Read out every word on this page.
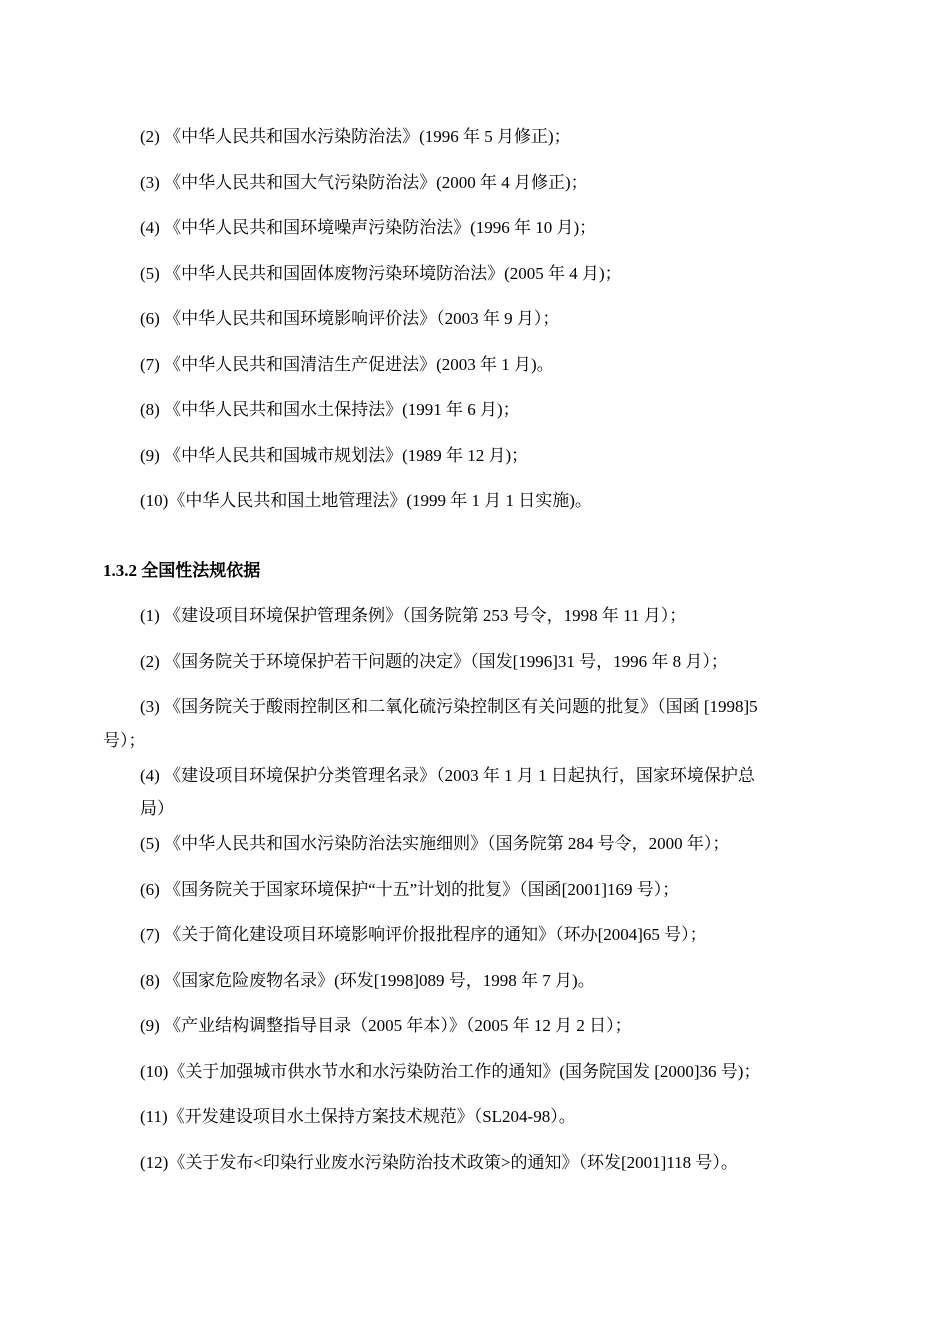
(2) 《中华人民共和国水污染防治法》(1996 年 5 月修正)；
(3) 《中华人民共和国大气污染防治法》(2000 年 4 月修正)；
(4) 《中华人民共和国环境噪声污染防治法》(1996 年 10 月)；
(5) 《中华人民共和国固体废物污染环境防治法》(2005 年 4 月)；
(6) 《中华人民共和国环境影响评价法》（2003 年 9 月）；
(7) 《中华人民共和国清洁生产促进法》(2003 年 1 月)。
(8) 《中华人民共和国水土保持法》(1991 年 6 月)；
(9) 《中华人民共和国城市规划法》(1989 年 12 月)；
(10)《中华人民共和国土地管理法》(1999 年 1 月 1 日实施)。
1.3.2 全国性法规依据
(1) 《建设项目环境保护管理条例》（国务院第 253 号令，1998 年 11 月）；
(2) 《国务院关于环境保护若干问题的决定》（国发[1996]31 号，1996 年 8 月）；
(3) 《国务院关于酸雨控制区和二氧化硫污染控制区有关问题的批复》（国函 [1998]5
号）；
(4) 《建设项目环境保护分类管理名录》（2003 年 1 月 1 日起执行，国家环境保护总
局）
(5) 《中华人民共和国水污染防治法实施细则》（国务院第 284 号令，2000 年）；
(6) 《国务院关于国家环境保护“十五”计划的批复》（国函[2001]169 号）；
(7) 《关于简化建设项目环境影响评价报批程序的通知》（环办[2004]65 号）；
(8) 《国家危险废物名录》(环发[1998]089 号，1998 年 7 月)。
(9) 《产业结构调整指导目录（2005 年本）》（2005 年 12 月 2 日）；
(10)《关于加强城市供水节水和水污染防治工作的通知》(国务院国发 [2000]36 号)；
(11)《开发建设项目水土保持方案技术规范》（SL204-98）。
(12)《关于发布<印染行业废水污染防治技术政策>的通知》（环发[2001]118 号）。
